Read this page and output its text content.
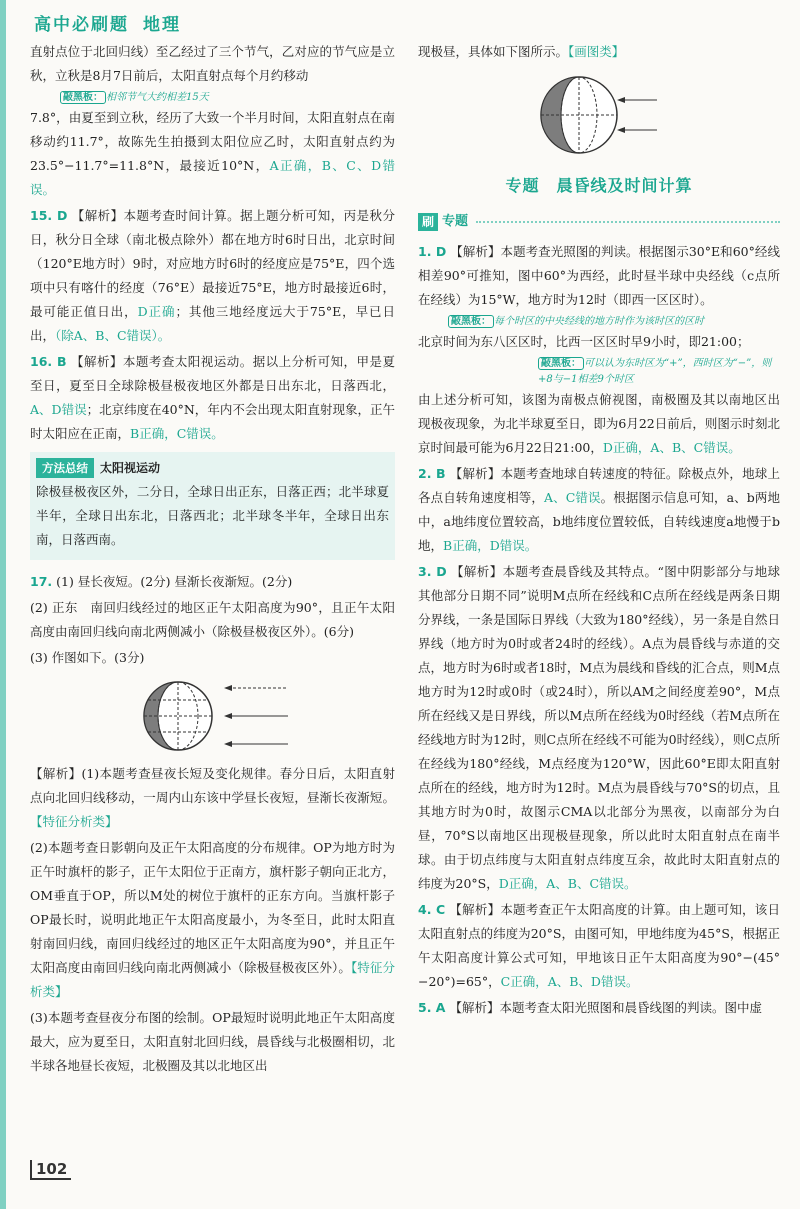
高中必刷题 地理

直射点位于北回归线）至乙经过了三个节气，乙对应的节气应是立秋，立秋是8月7日前后，太阳直射点每个月约移动

敲黑板： 相邻节气大约相差15天

7.8°，由夏至到立秋，经历了大致一个半月时间，太阳直射点在南移动约11.7°，故陈先生拍摄到太阳位应乙时，太阳直射点约为23.5°−11.7°=11.8°N，最接近10°N，A正确，B、C、D错误。

15. D 【解析】本题考查时间计算。据上题分析可知，丙是秋分日，秋分日全球（南北极点除外）都在地方时6时日出，北京时间（120°E地方时）9时，对应地方时6时的经度应是75°E，四个选项中只有喀什的经度（76°E）最接近75°E，地方时最接近6时，最可能正值日出，D正确；其他三地经度远大于75°E，早已日出，（除A、B、C错误）。

16. B 【解析】本题考查太阳视运动。据以上分析可知，甲是夏至日，夏至日全球除极昼极夜地区外都是日出东北，日落西北，A、D错误；北京纬度在40°N，年内不会出现太阳直射现象，正午时太阳应在正南，B正确，C错误。

方法总结 太阳视运动

除极昼极夜区外，二分日，全球日出正东，日落正西；北半球夏半年，全球日出东北，日落西北；北半球冬半年，全球日出东南，日落西南。

17. (1) 昼长夜短。(2分) 昼渐长夜渐短。(2分)

(2) 正东　南回归线经过的地区正午太阳高度为90°，且正午太阳高度由南回归线向南北两侧减小（除极昼极夜区外）。(6分)

(3) 作图如下。(3分)

【解析】(1)本题考查昼夜长短及变化规律。春分日后，太阳直射点向北回归线移动，一周内山东该中学昼长夜短，昼渐长夜渐短。【特征分析类】

(2)本题考查日影朝向及正午太阳高度的分布规律。OP为地方时为正午时旗杆的影子，正午太阳位于正南方，旗杆影子朝向正北方，OM垂直于OP，所以M处的树位于旗杆的正东方向。当旗杆影子OP最长时，说明此地正午太阳高度最小，为冬至日，此时太阳直射南回归线，南回归线经过的地区正午太阳高度为90°，并且正午太阳高度由南回归线向南北两侧减小（除极昼极夜区外）。【特征分析类】

(3)本题考查昼夜分布图的绘制。OP最短时说明此地正午太阳高度最大，应为夏至日，太阳直射北回归线，晨昏线与北极圈相切，北半球各地昼长夜短，北极圈及其以北地区出

现极昼，具体如下图所示。【画图类】

专题　晨昏线及时间计算
刷 专题

1. D 【解析】本题考查光照图的判读。根据图示30°E和60°经线相差90°可推知，图中60°为西经，此时昼半球中央经线（c点所在经线）为15°W，地方时为12时（即西一区区时）。

敲黑板： 每个时区的中央经线的地方时作为该时区的区时

北京时间为东八区区时，比西一区区时早9小时，即21:00；

敲黑板： 可以认为东时区为“+”，西时区为“−”，则+8与−1相差9个时区

由上述分析可知，该图为南极点俯视图，南极圈及其以南地区出现极夜现象，为北半球夏至日，即为6月22日前后，则图示时刻北京时间最可能为6月22日21:00，D正确，A、B、C错误。

2. B 【解析】本题考查地球自转速度的特征。除极点外，地球上各点自转角速度相等，A、C错误。根据图示信息可知，a、b两地中，a地纬度位置较高，b地纬度位置较低，自转线速度a地慢于b地，B正确，D错误。

3. D 【解析】本题考查晨昏线及其特点。“图中阴影部分与地球其他部分日期不同”说明M点所在经线和C点所在经线是两条日期分界线，一条是国际日界线（大致为180°经线），另一条是自然日界线（地方时为0时或者24时的经线）。A点为晨昏线与赤道的交点，地方时为6时或者18时，M点为晨线和昏线的汇合点，则M点地方时为12时或0时（或24时），所以AM之间经度差90°，M点所在经线又是日界线，所以M点所在经线为0时经线（若M点所在经线地方时为12时，则C点所在经线不可能为0时经线），则C点所在经线为180°经线，M点经度为120°W，因此60°E即太阳直射点所在的经线，地方时为12时。M点为晨昏线与70°S的切点，且其地方时为0时，故图示CMA以北部分为黑夜，以南部分为白昼，70°S以南地区出现极昼现象，所以此时太阳直射点在南半球。由于切点纬度与太阳直射点纬度互余，故此时太阳直射点的纬度为20°S，D正确，A、B、C错误。

4. C 【解析】本题考查正午太阳高度的计算。由上题可知，该日太阳直射点的纬度为20°S，由图可知，甲地纬度为45°S，根据正午太阳高度计算公式可知，甲地该日正午太阳高度为90°−(45°−20°)=65°，C正确，A、B、D错误。

5. A 【解析】本题考查太阳光照图和晨昏线图的判读。图中虚

102
